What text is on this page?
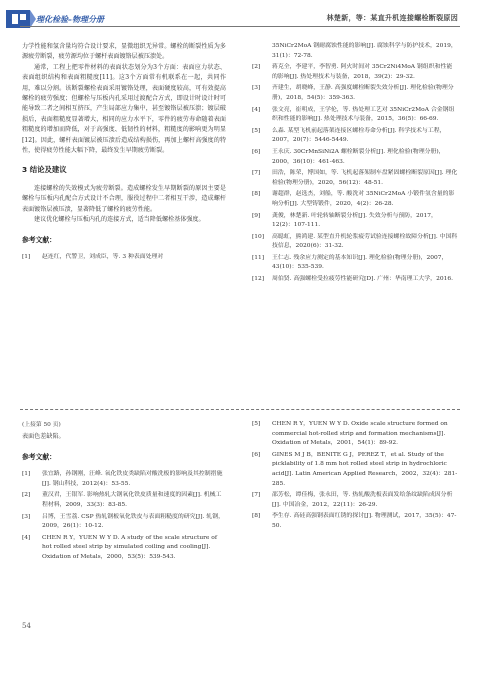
理化检验–物理分册	林楚新，等：某直升机连接螺栓断裂原因

力学性能和氢含量均符合设计要求，显微组织无异常。螺栓的断裂性质为多源疲劳断裂，疲劳源均位于螺杆表面镀铬层被压溃处。

通常，工程上把零件材料的表面状态划分为3个方面：表面应力状态、表面组织结构和表面粗糙度[11]。这3个方面常有机联系在一起，共同作用，难以分割。该断裂螺栓表面采用镀铬处理，表面硬度较高，可有效提高螺栓的疲劳强度；但螺栓与压板内孔采用过渡配合方式，即设计时设计时可能导致二者之间相互挤压，产生局部应力集中，甚至镀铬层被压溃；镀层破损后，表面粗糙度显著增大，相同的应力水平下，零件的疲劳寿命随着表面粗糙度的增加而降低，对于高强度、低韧性的材料，粗糙度的影响更为明显[12]。因此，螺杆表面镀层被压溃后造成结构损伤，再加上螺杆高强度的特性，使得疲劳性能大幅下降，最终发生早期疲劳断裂。

3 结论及建议

连接螺栓的失效模式为疲劳断裂。造成螺栓发生早期断裂的原因主要是螺栓与压板内孔配合方式设计不合理，服役过程中二者相互干涉，造成螺杆表面镀铬层被压溃，显著降低了螺栓的疲劳性能。

建议优化螺栓与压板内孔的连接方式，适当降低螺栓基体强度。

参考文献：
[1] 赵连红，代警卫，刘成臣，等. 3 种表面处理对
35NiCr2MoA 钢耐腐蚀性能的影响[J]. 腐蚀科学与防护技术，2019，31(1)：72-78.
[2] 蒋克全，李建平，李智勇. 阿火时间对 35Cr2Ni4MoA 钢组织和性能的影响[J]. 热处理技术与装备，2018，39(2)：29-32.
[3] 齐建生，胡晓峰，王静. 高强度螺栓断裂失效分析[J]. 理化检验(物理分册)，2018，54(5)：359-363.
[4] 张文亮，崔明成，王学伦，等. 热处理工艺对 35NiCr2MoA 合金钢组织和性能的影响[J]. 热处理技术与装备，2015，36(5)：66-69.
[5] 么森. 某型飞机前起落架连接区螺栓寿命分析[J]. 科学技术与工程，2007，20(7)：5446-5449.
[6] 王永庆. 30CrMnSiNi2A 螺栓断裂分析[J]. 理化检验(物理分册)，2000，36(10)：461-463.
[7] 田浩，陈荣，博国如，等. 飞机起落架制车盘紧固螺栓断裂原因[J]. 理化检验(物理分册)，2020，56(12)：48-51.
[8] 谢超群，赵选杰，刘船，等. 酸洗对 35NiCr2MoA 小锻件氢含量的影响分析[J]. 大型铸锻件，2020，4(2)：26-28.
[9] 龚俊，林楚新. 叶轮转轴断裂分析[J]. 失效分析与预防，2017，12(2)：107-111.
[10] 高聪虹，熊鸿建. 某型直升机轮浆疲劳试验连接螺栓故障分析[J]. 中国科技信息，2020(6)：31-32.
[11] 王仁志. 残余应力测定的基本知识[J]. 理化检验(物理分册)，2007，43(10)：535-539.
[12] 周伯贤. 高强螺栓受拉疲劳性能研究[D]. 广州：华南理工大学，2016.
(上接第 50 页)

表面色差缺陷。

参考文献：
[1] 张宜路，孙钢刚，汪峰. 氧化铁皮类缺陷对酸洗板的影响及其控制措施[J]. 钢山科技，2012(4)：53-55.
[2] 董汉君，王银军. 影响热轧大钢氧化铁皮质量和速度的因素[J]. 机械工程材料，2009，33(3)：83-85.
[3] 吕博，王雪荔. CSP 热轧钢板氧化铁皮与表面粗糙度的研究[J]. 轧钢，2009，26(1)：10-12.
[4] CHEN R Y，YUEN W Y D. A study of the scale structure of hot rolled steel strip by simulated coiling and cooling[J]. Oxidation of Metals，2000，53(5)：539-543.
[5] CHEN R Y，YUEN W Y D. Oxide scale structure formed on commercial hot-rolled strip and formation mechanisms[J]. Oxidation of Metals，2001，54(1)：89-92.
[6] GINES M J B，BENITE G J，PEREZ T，et al. Study of the picklability of 1.8 mm hot rolled steel strip in hydrochloric acid[J]. Latin American Applied Research，2002，32(4)：281-285.
[7] 邵芳松，谭佳梅，张永田，等. 热轧酸洗板表面发给条纹缺陷成因分析[J]. 中国冶金，2012，22(11)：26-29.
[8] 李生存. 高硅高强钢表面红锈的探讨[J]. 物理测试，2017，35(5)：47-50.
54
